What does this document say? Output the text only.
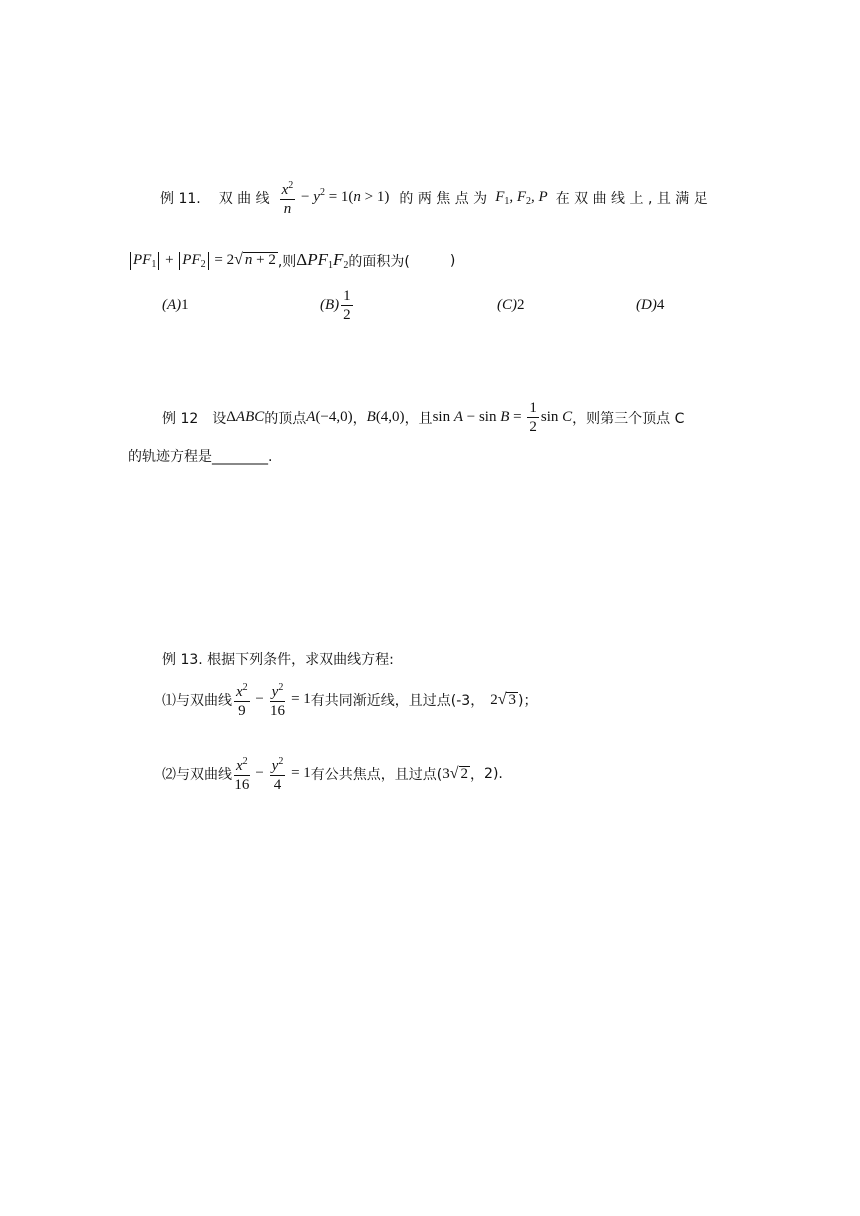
例 11. 双 曲 线 $\frac{x^2}{n} - y^2 = 1(n > 1)$ 的 两 焦 点 为 $F_1$, $F_2$, P 在 双 曲 线 上 , 且 满 足
$PF_1 + PF_2 = 2√$ n + 2 ,则 $\Delta PF_1F_2$ 的面积为(	)
(A)1	$(B) \frac{1}{2}$	(C)2	(D)4
例 12 设 ΔABC 的顶点 A(−4,0) ， B(4,0) ，且 $\sin A - \sin B = \frac{1}{2}$ sin C ，则第三个顶点 C
的轨迹方程是________.
例 13. 根据下列条件，求双曲线方程:
⑴与双曲线 $\frac{x^2}{9} - \frac{y^2}{16} = 1$ 有共同渐近线，且过点(-3， 2√ 3 )；
⑵与双曲线 $\frac{x^2}{16} - \frac{y^2}{4} = 1$ 有公共焦点，且过点( 3√ 2 ， 2).
